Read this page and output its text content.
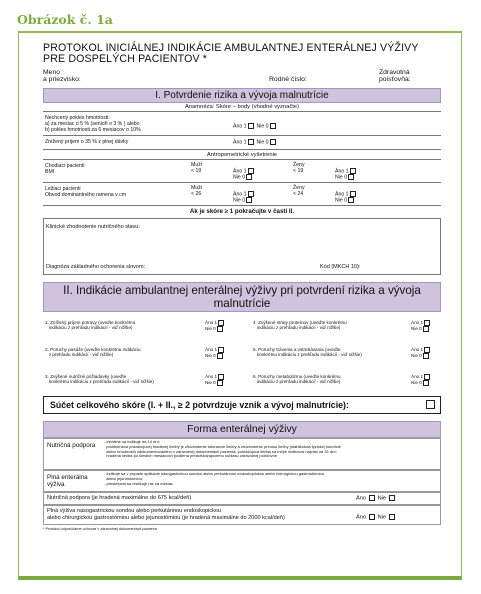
Obrázok č. 1a
PROTOKOL INICIÁLNEJ INDIKÁCIE AMBULANTNEJ ENTERÁLNEJ VÝŽIVY PRE DOSPELÝCH PACIENTOV *
Meno
a priezvisko:	Rodné číslo:
Zdravotná
poisťovňa:
I. Potvrdenie rizika a vývoja malnutrície
Anamnéza: Skóre – body (vhodné vyznačte)
Nechcený pokles hmotnosti:
a) za mesiac o 5 % (senioři o 3 % ) alebo
b) pokles hmotnosti za 6 mesiacov o 10%
Áno 1 Nie 0
Znížený príjem o 35 % z plnej dávky	Áno 1 Nie 0
Antropometrické vyšetrenie
Chodiaci pacienti
BMI
Muži
< 19	Áno 1
Nie 0
Ženy
< 19	Áno 1
Nie 0
Ležiaci pacienti
Obvod dominantného ramena v cm
Muži
< 26	Áno 1
Nie 0
Ženy
< 24	Áno 1
Nie 0
Ak je skóre ≥ 1 pokračujte v časti II.
Klinické zhodnotenie nutričného stavu:
Diagnóza základného ochorenia slovom:	Kód (MKCH 10):
II. Indikácie ambulantnej enterálnej výživy pri potvrdení rizika a vývoja malnutrície
1. Znížený príjem potravy (uveďte konkrétnu
indikáciu z prehľadu indikácií - viď nižšie)
Áno 1
Nie 0
4. Zvýšené straty proteínov (uveďte konkrétnu
indikáciu z prehľadu indikácií - viď nižšie)
Áno 1
Nie 0
2. Poruchy pasáže (uveďte konkrétnu indikáciu
z prehľadu indikácií - viď nižšie)
Áno 1
Nie 0
5. Poruchy trávenia a vstrebávania (uveďte
konkrétnu indikáciu z prehľadu indikácií - viď nižšie)
Áno 1
Nie 0
3. Zvýšené nutričné požiadavky (uveďte
konkrétnu indikáciu z prehľadu indikácií - viď nižšie)
Áno 1
Nie 0
6. Poruchy metabolizmu (uveďte konkrétnu
indikáciu z prehľadu indikácií - viď nižšie)
Áno 1
Nie 0
Súčet celkového skóre (I. + II., ≥ 2 potvrdzuje vznik a vývoj malnutrície):
Forma enterálnej výživy
Nutričná podpora
- iniciálne sa indikuje na 14 dní;
podmienkou pokračujúcej hradenej liečby je zhodnotenie tolerancie liečby a zhodnotenie prínosu liečby (stabilizácia fyzickej kondície
alebo hmotnosti) zdokumentovaného v zdravotnej dokumentácii pacienta, pokračujúca liečba sa môže indikovať najviac na 31 dní;
hradená liečba po šiestich mesiacoch podlieha predchádzajúcemu súhlasu zdravotnej poisťovne
Plná enterálna
výživa
- indikuje sa v prípade aplikácie nasogastrickou sondou alebo perkutánnou endoskopickou alebo chirurgickou gastrostómiou
alebo jejunostómiou;
- preskripcia sa realizuje raz za mesiac.
Nutričná podpora (je hradená maximálne do 675 kcal/deň)	Áno Nie
Plná výživa nasogastrickou sondou alebo perkutánnou endoskopickou
alebo chirurgickou gastrostómiou alebo jejunostómiou (je hradená maximálne do 2000 kcal/deň)	Áno Nie
* Protokol odporúčame uchovať v zdravotnej dokumentácii pacienta
